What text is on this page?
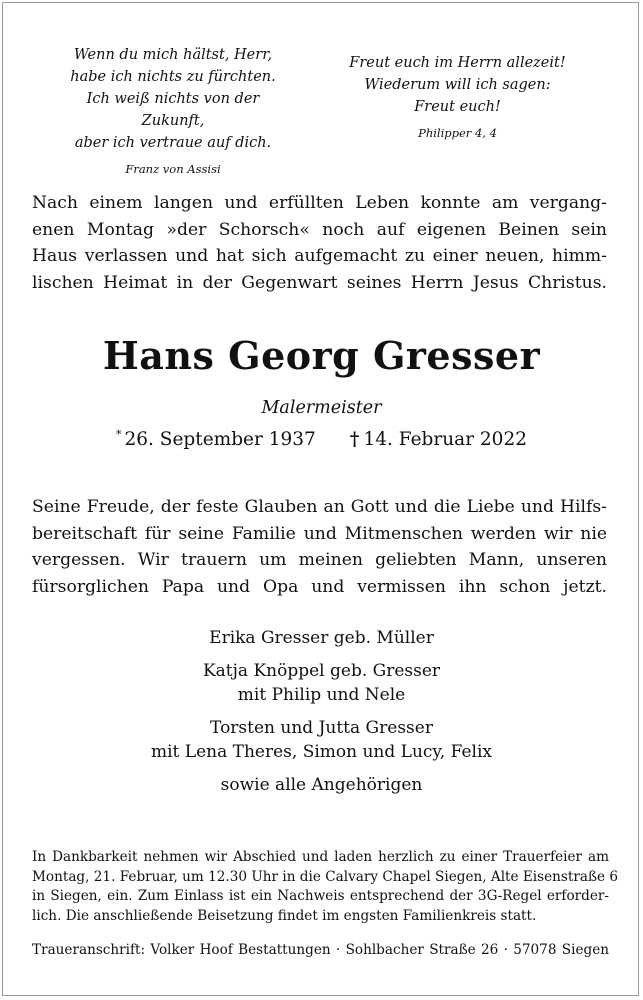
Wenn du mich hältst, Herr,
habe ich nichts zu fürchten.
Ich weiß nichts von der Zukunft,
aber ich vertraue auf dich.
Franz von Assisi
Freut euch im Herrn allezeit!
Wiederum will ich sagen:
Freut euch!
Philipper 4, 4
Nach einem langen und erfüllten Leben konnte am vergang-
enen Montag »der Schorsch« noch auf eigenen Beinen sein
Haus verlassen und hat sich aufgemacht zu einer neuen, himm-
lischen Heimat in der Gegenwart seines Herrn Jesus Christus.
Hans Georg Gresser
Malermeister
* 26. September 1937 † 14. Februar 2022
Seine Freude, der feste Glauben an Gott und die Liebe und Hilfs-
bereitschaft für seine Familie und Mitmenschen werden wir nie
vergessen. Wir trauern um meinen geliebten Mann, unseren
fürsorglichen Papa und Opa und vermissen ihn schon jetzt.
Erika Gresser geb. Müller
Katja Knöppel geb. Gresser
mit Philip und Nele
Torsten und Jutta Gresser
mit Lena Theres, Simon und Lucy, Felix
sowie alle Angehörigen
In Dankbarkeit nehmen wir Abschied und laden herzlich zu einer Trauerfeier am
Montag, 21. Februar, um 12.30 Uhr in die Calvary Chapel Siegen, Alte Eisenstraße 6
in Siegen, ein. Zum Einlass ist ein Nachweis entsprechend der 3G-Regel erforder-
lich. Die anschließende Beisetzung findet im engsten Familienkreis statt.
Traueranschrift: Volker Hoof Bestattungen · Sohlbacher Straße 26 · 57078 Siegen
